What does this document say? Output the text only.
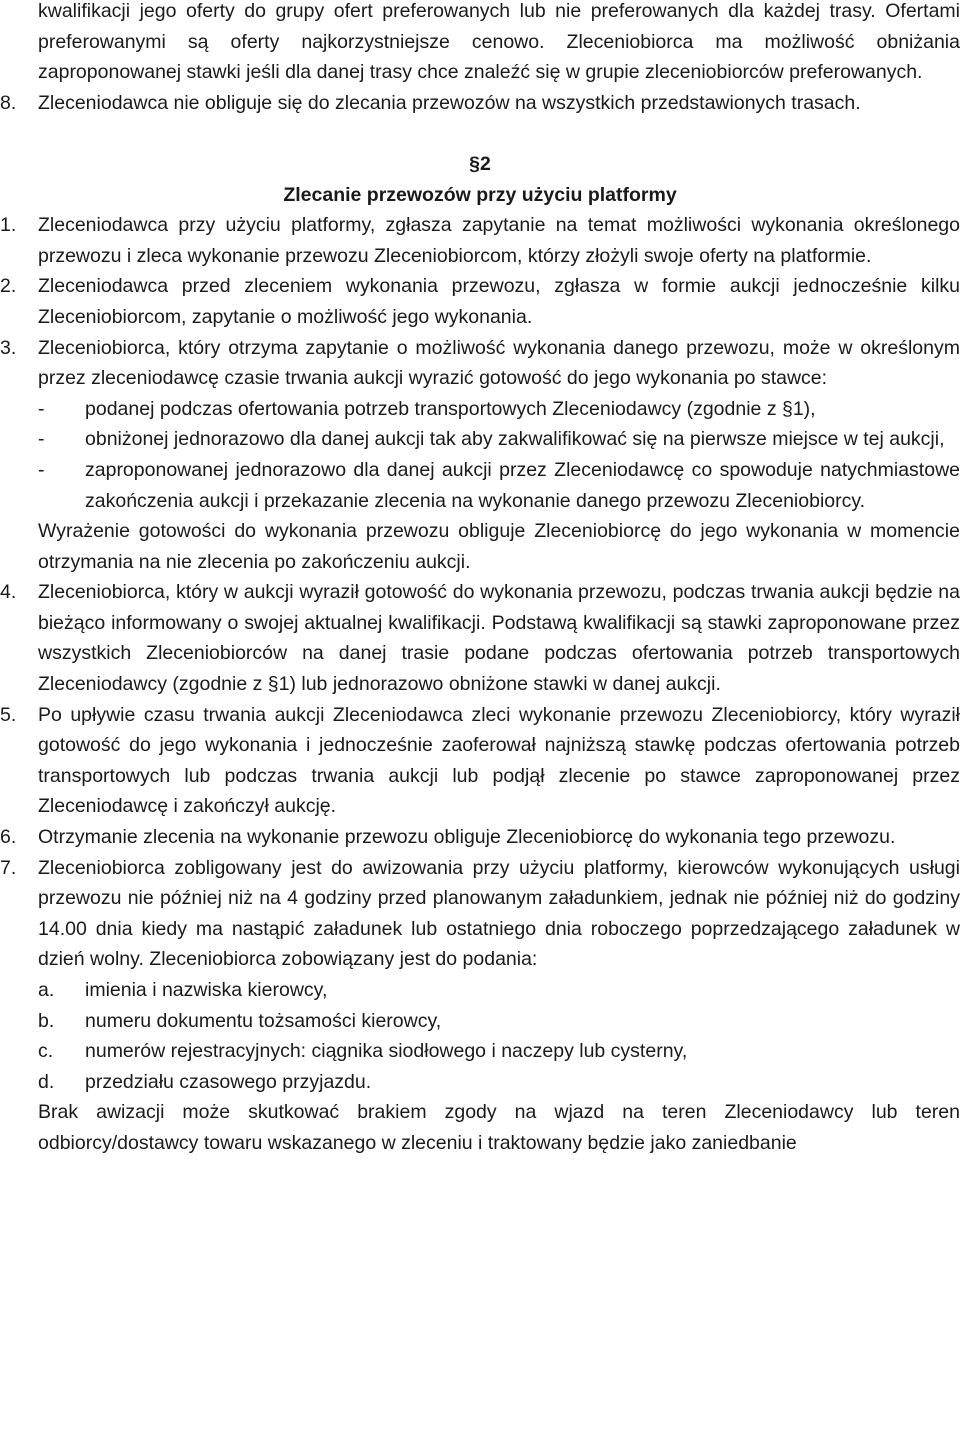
kwalifikacji jego oferty do grupy ofert preferowanych lub nie preferowanych dla każdej trasy. Ofertami preferowanymi są oferty najkorzystniejsze cenowo. Zleceniobiorca ma możliwość obniżania zaproponowanej stawki jeśli dla danej trasy chce znaleźć się w grupie zleceniobiorców preferowanych.

8.	Zleceniodawca nie obliguje się do zlecania przewozów na wszystkich przedstawionych trasach.

§2

Zlecanie przewozów przy użyciu platformy

1.	Zleceniodawca przy użyciu platformy, zgłasza zapytanie na temat możliwości wykonania określonego przewozu i zleca wykonanie przewozu Zleceniobiorcom, którzy złożyli swoje oferty na platformie.

2.	Zleceniodawca przed zleceniem wykonania przewozu, zgłasza w formie aukcji jednocześnie kilku Zleceniobiorcom, zapytanie o możliwość jego wykonania.

3.	Zleceniobiorca, który otrzyma zapytanie o możliwość wykonania danego przewozu, może w określonym przez zleceniodawcę czasie trwania aukcji wyrazić gotowość do jego wykonania po stawce:

-	podanej podczas ofertowania potrzeb transportowych Zleceniodawcy (zgodnie z §1),

-	obniżonej jednorazowo dla danej aukcji tak aby zakwalifikować się na pierwsze miejsce w tej aukcji,

-	zaproponowanej jednorazowo dla danej aukcji przez Zleceniodawcę co spowoduje natychmiastowe zakończenia aukcji i przekazanie zlecenia na wykonanie danego przewozu Zleceniobiorcy.

Wyrażenie gotowości do wykonania przewozu obliguje Zleceniobiorcę do jego wykonania w momencie otrzymania na nie zlecenia po zakończeniu aukcji.

4.	Zleceniobiorca, który w aukcji wyraził gotowość do wykonania przewozu, podczas trwania aukcji będzie na bieżąco informowany o swojej aktualnej kwalifikacji. Podstawą kwalifikacji są stawki zaproponowane przez wszystkich Zleceniobiorców na danej trasie podane podczas ofertowania potrzeb transportowych Zleceniodawcy (zgodnie z §1) lub jednorazowo obniżone stawki w danej aukcji.

5.	Po upływie czasu trwania aukcji Zleceniodawca zleci wykonanie przewozu Zleceniobiorcy, który wyraził gotowość do jego wykonania i jednocześnie zaoferował najniższą stawkę podczas ofertowania potrzeb transportowych lub podczas trwania aukcji lub podjął zlecenie po stawce zaproponowanej przez Zleceniodawcę i zakończył aukcję.

6.	Otrzymanie zlecenia na wykonanie przewozu obliguje Zleceniobiorcę do wykonania tego przewozu.

7.	Zleceniobiorca zobligowany jest do awizowania przy użyciu platformy, kierowców wykonujących usługi przewozu nie później niż na 4 godziny przed planowanym załadunkiem, jednak nie później niż do godziny 14.00 dnia kiedy ma nastąpić załadunek lub ostatniego dnia roboczego poprzedzającego załadunek w dzień wolny. Zleceniobiorca zobowiązany jest do podania:

a.	imienia i nazwiska kierowcy,

b.	numeru dokumentu tożsamości kierowcy,

c.	numerów rejestracyjnych: ciągnika siodłowego i naczepy lub cysterny,

d.	przedziału czasowego przyjazdu.

Brak awizacji może skutkować brakiem zgody na wjazd na teren Zleceniodawcy lub teren odbiorcy/dostawcy towaru wskazanego w zleceniu i traktowany będzie jako zaniedbanie
